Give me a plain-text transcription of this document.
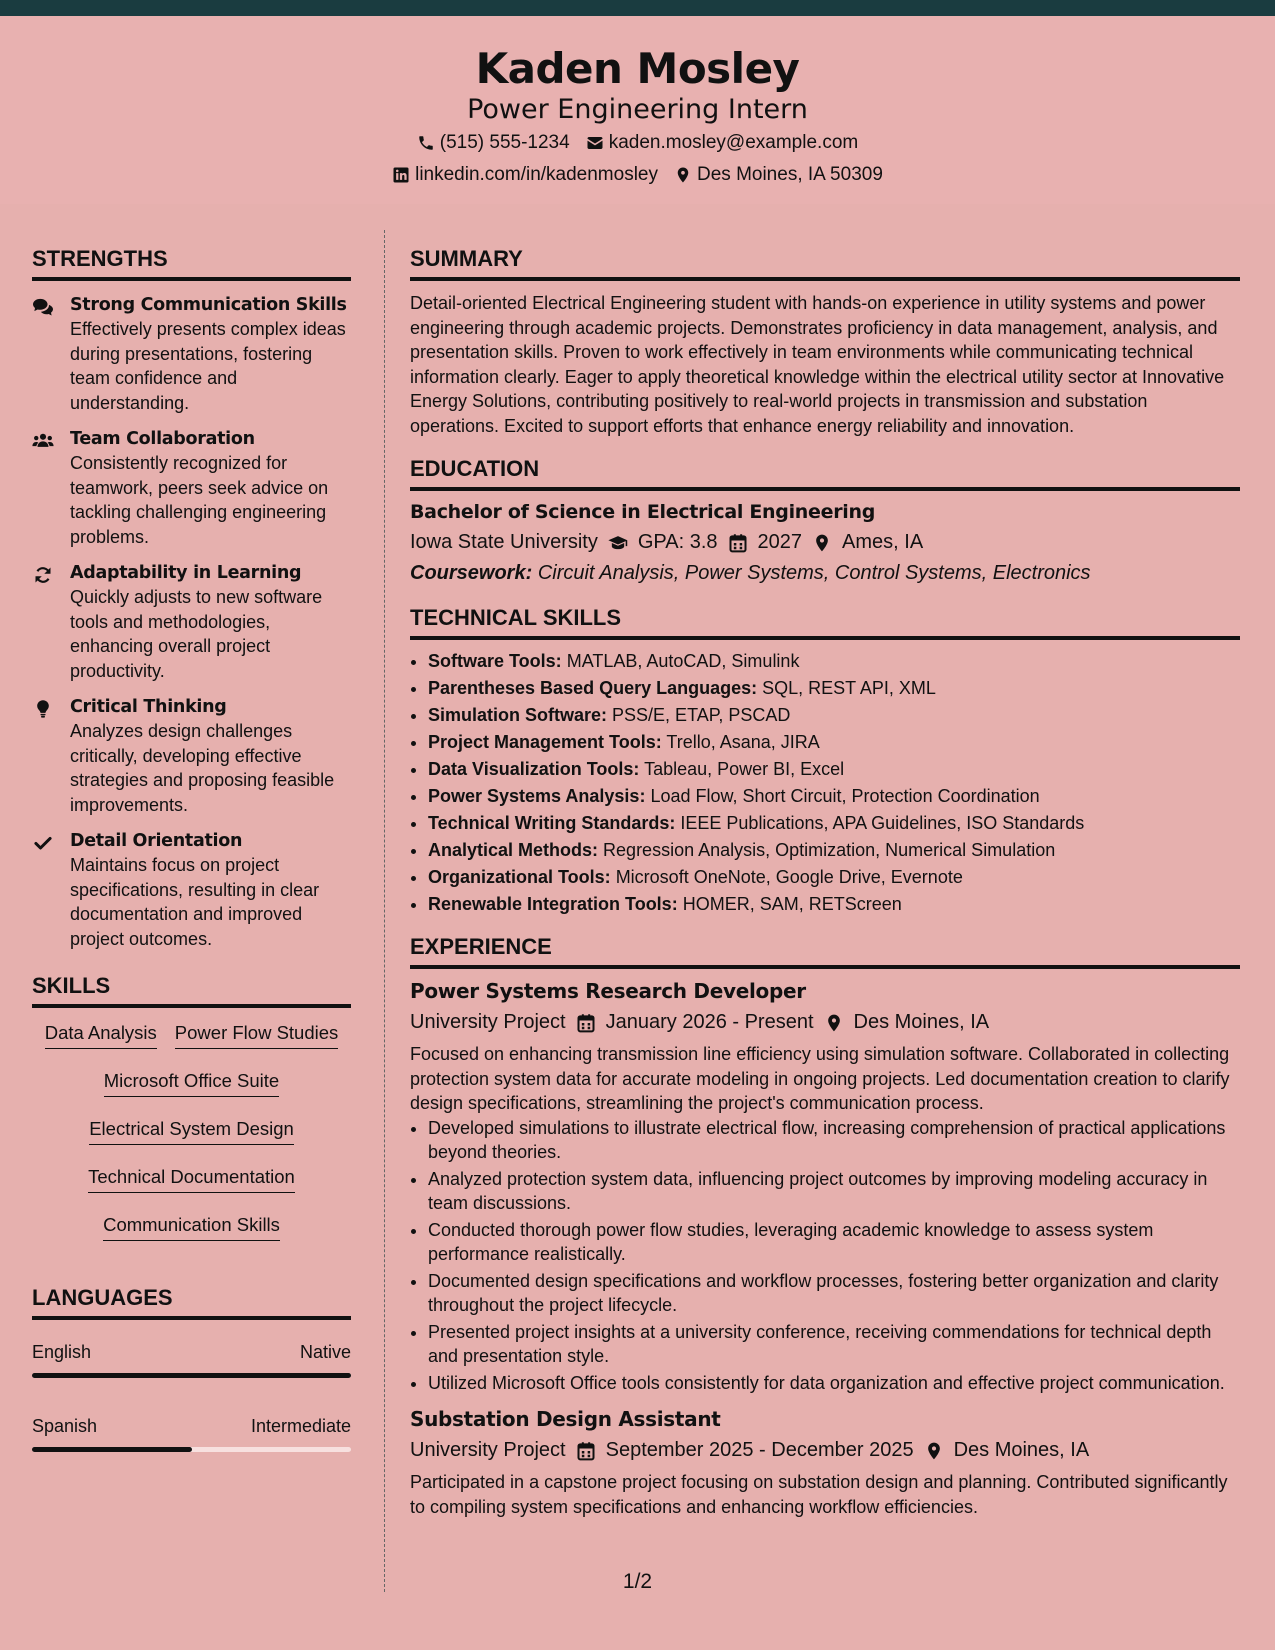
Kaden Mosley
Power Engineering Intern
(515) 555-1234 kaden.mosley@example.com
linkedin.com/in/kadenmosley Des Moines, IA 50309
STRENGTHS
Strong Communication Skills
Effectively presents complex ideas during presentations, fostering team confidence and understanding.
Team Collaboration
Consistently recognized for teamwork, peers seek advice on tackling challenging engineering problems.
Adaptability in Learning
Quickly adjusts to new software tools and methodologies, enhancing overall project productivity.
Critical Thinking
Analyzes design challenges critically, developing effective strategies and proposing feasible improvements.
Detail Orientation
Maintains focus on project specifications, resulting in clear documentation and improved project outcomes.
SKILLS
Data Analysis Power Flow Studies
Microsoft Office Suite
Electrical System Design
Technical Documentation
Communication Skills
LANGUAGES
English	Native
Spanish	Intermediate
SUMMARY

Detail-oriented Electrical Engineering student with hands-on experience in utility systems and power engineering through academic projects. Demonstrates proficiency in data management, analysis, and presentation skills. Proven to work effectively in team environments while communicating technical information clearly. Eager to apply theoretical knowledge within the electrical utility sector at Innovative Energy Solutions, contributing positively to real-world projects in transmission and substation operations. Excited to support efforts that enhance energy reliability and innovation.

EDUCATION
Bachelor of Science in Electrical Engineering
Iowa State University GPA: 3.8 2027 Ames, IA
Coursework: Circuit Analysis, Power Systems, Control Systems, Electronics
TECHNICAL SKILLS
• Software Tools: MATLAB, AutoCAD, Simulink
• Parentheses Based Query Languages: SQL, REST API, XML
• Simulation Software: PSS/E, ETAP, PSCAD
• Project Management Tools: Trello, Asana, JIRA
• Data Visualization Tools: Tableau, Power BI, Excel
• Power Systems Analysis: Load Flow, Short Circuit, Protection Coordination
• Technical Writing Standards: IEEE Publications, APA Guidelines, ISO Standards
• Analytical Methods: Regression Analysis, Optimization, Numerical Simulation
• Organizational Tools: Microsoft OneNote, Google Drive, Evernote
• Renewable Integration Tools: HOMER, SAM, RETScreen
EXPERIENCE
Power Systems Research Developer
University Project January 2026 - Present Des Moines, IA
Focused on enhancing transmission line efficiency using simulation software. Collaborated in collecting protection system data for accurate modeling in ongoing projects. Led documentation creation to clarify design specifications, streamlining the project's communication process.
• Developed simulations to illustrate electrical flow, increasing comprehension of practical applications beyond theories.
• Analyzed protection system data, influencing project outcomes by improving modeling accuracy in team discussions.
• Conducted thorough power flow studies, leveraging academic knowledge to assess system performance realistically.
• Documented design specifications and workflow processes, fostering better organization and clarity throughout the project lifecycle.
• Presented project insights at a university conference, receiving commendations for technical depth and presentation style.
• Utilized Microsoft Office tools consistently for data organization and effective project communication.
Substation Design Assistant
University Project September 2025 - December 2025 Des Moines, IA
Participated in a capstone project focusing on substation design and planning. Contributed significantly to compiling system specifications and enhancing workflow efficiencies.
1/2
